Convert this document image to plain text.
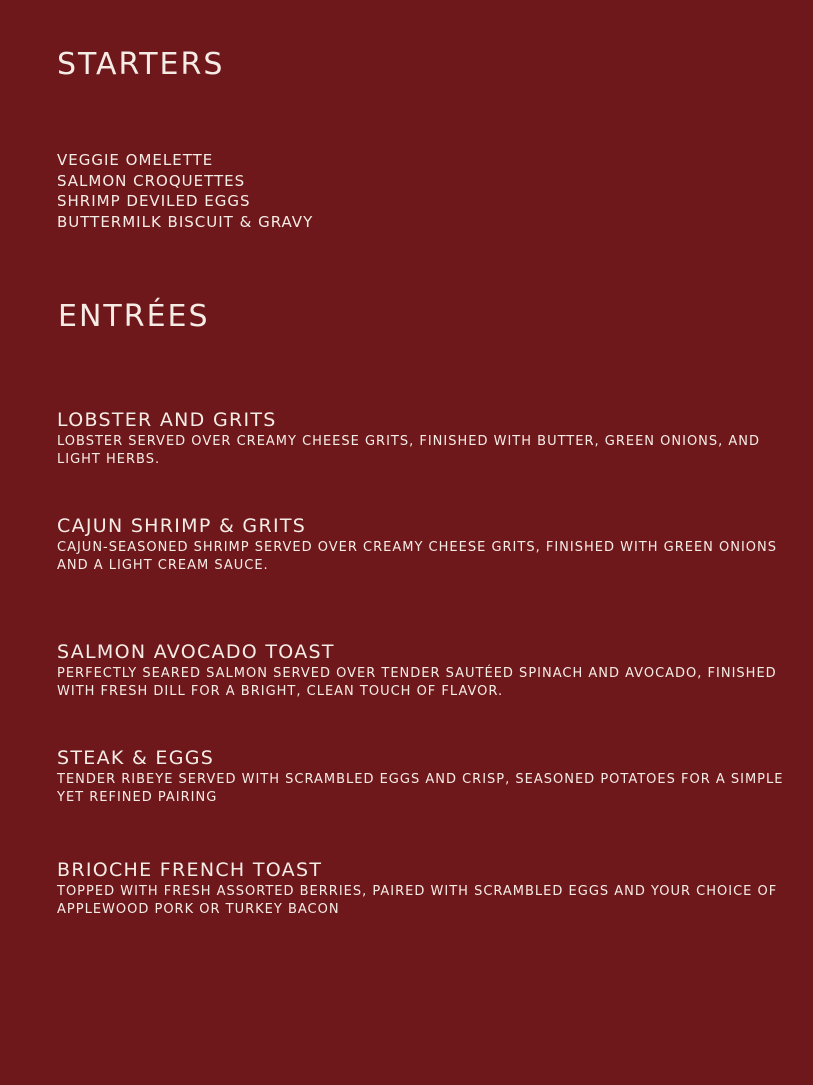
STARTERS
VEGGIE OMELETTE
SALMON CROQUETTES
SHRIMP DEVILED EGGS
BUTTERMILK BISCUIT & GRAVY
ENTRÉES
LOBSTER AND GRITS

LOBSTER SERVED OVER CREAMY CHEESE GRITS, FINISHED WITH BUTTER, GREEN ONIONS, AND LIGHT HERBS.

CAJUN SHRIMP & GRITS

CAJUN-SEASONED SHRIMP SERVED OVER CREAMY CHEESE GRITS, FINISHED WITH GREEN ONIONS AND A LIGHT CREAM SAUCE.

SALMON AVOCADO TOAST

PERFECTLY SEARED SALMON SERVED OVER TENDER SAUTÉED SPINACH AND AVOCADO, FINISHED WITH FRESH DILL FOR A BRIGHT, CLEAN TOUCH OF FLAVOR.

STEAK & EGGS

TENDER RIBEYE SERVED WITH SCRAMBLED EGGS AND CRISP, SEASONED POTATOES FOR A SIMPLE YET REFINED PAIRING

BRIOCHE FRENCH TOAST

TOPPED WITH FRESH ASSORTED BERRIES, PAIRED WITH SCRAMBLED EGGS AND YOUR CHOICE OF APPLEWOOD PORK OR TURKEY BACON
